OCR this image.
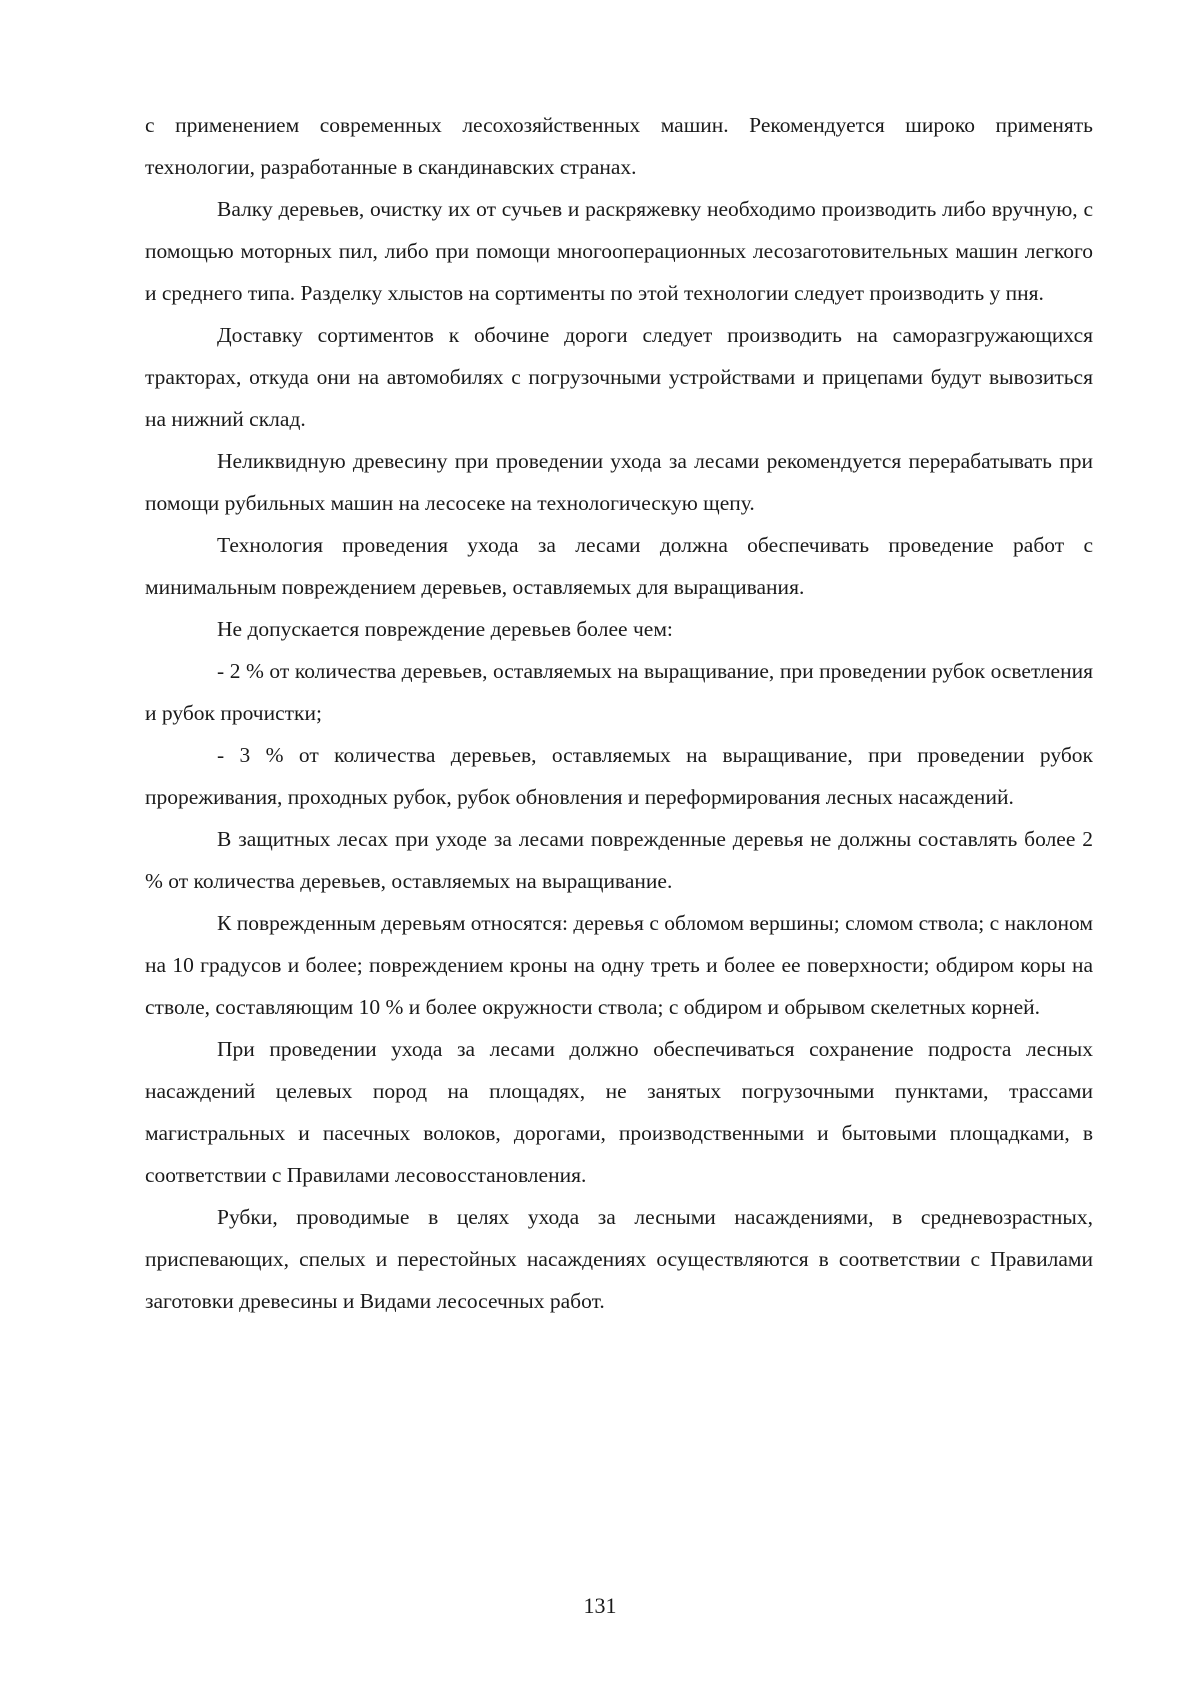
с применением современных лесохозяйственных машин. Рекомендуется широко применять технологии, разработанные в скандинавских странах.

Валку деревьев, очистку их от сучьев и раскряжевку необходимо производить либо вручную, с помощью моторных пил, либо при помощи многооперационных лесозаготовительных машин легкого и среднего типа. Разделку хлыстов на сортименты по этой технологии следует производить у пня.

Доставку сортиментов к обочине дороги следует производить на саморазгружающихся тракторах, откуда они на автомобилях с погрузочными устройствами и прицепами будут вывозиться на нижний склад.

Неликвидную древесину при проведении ухода за лесами рекомендуется перерабатывать при помощи рубильных машин на лесосеке на технологическую щепу.

Технология проведения ухода за лесами должна обеспечивать проведение работ с минимальным повреждением деревьев, оставляемых для выращивания.

Не допускается повреждение деревьев более чем:

- 2 % от количества деревьев, оставляемых на выращивание, при проведении рубок осветления и рубок прочистки;

- 3 % от количества деревьев, оставляемых на выращивание, при проведении рубок прореживания, проходных рубок, рубок обновления и переформирования лесных насаждений.

В защитных лесах при уходе за лесами поврежденные деревья не должны составлять более 2 % от количества деревьев, оставляемых на выращивание.

К поврежденным деревьям относятся: деревья с обломом вершины; сломом ствола; с наклоном на 10 градусов и более; повреждением кроны на одну треть и более ее поверхности; обдиром коры на стволе, составляющим 10 % и более окружности ствола; с обдиром и обрывом скелетных корней.

При проведении ухода за лесами должно обеспечиваться сохранение подроста лесных насаждений целевых пород на площадях, не занятых погрузочными пунктами, трассами магистральных и пасечных волоков, дорогами, производственными и бытовыми площадками, в соответствии с Правилами лесовосстановления.

Рубки, проводимые в целях ухода за лесными насаждениями, в средневозрастных, приспевающих, спелых и перестойных насаждениях осуществляются в соответствии с Правилами заготовки древесины и Видами лесосечных работ.

131
